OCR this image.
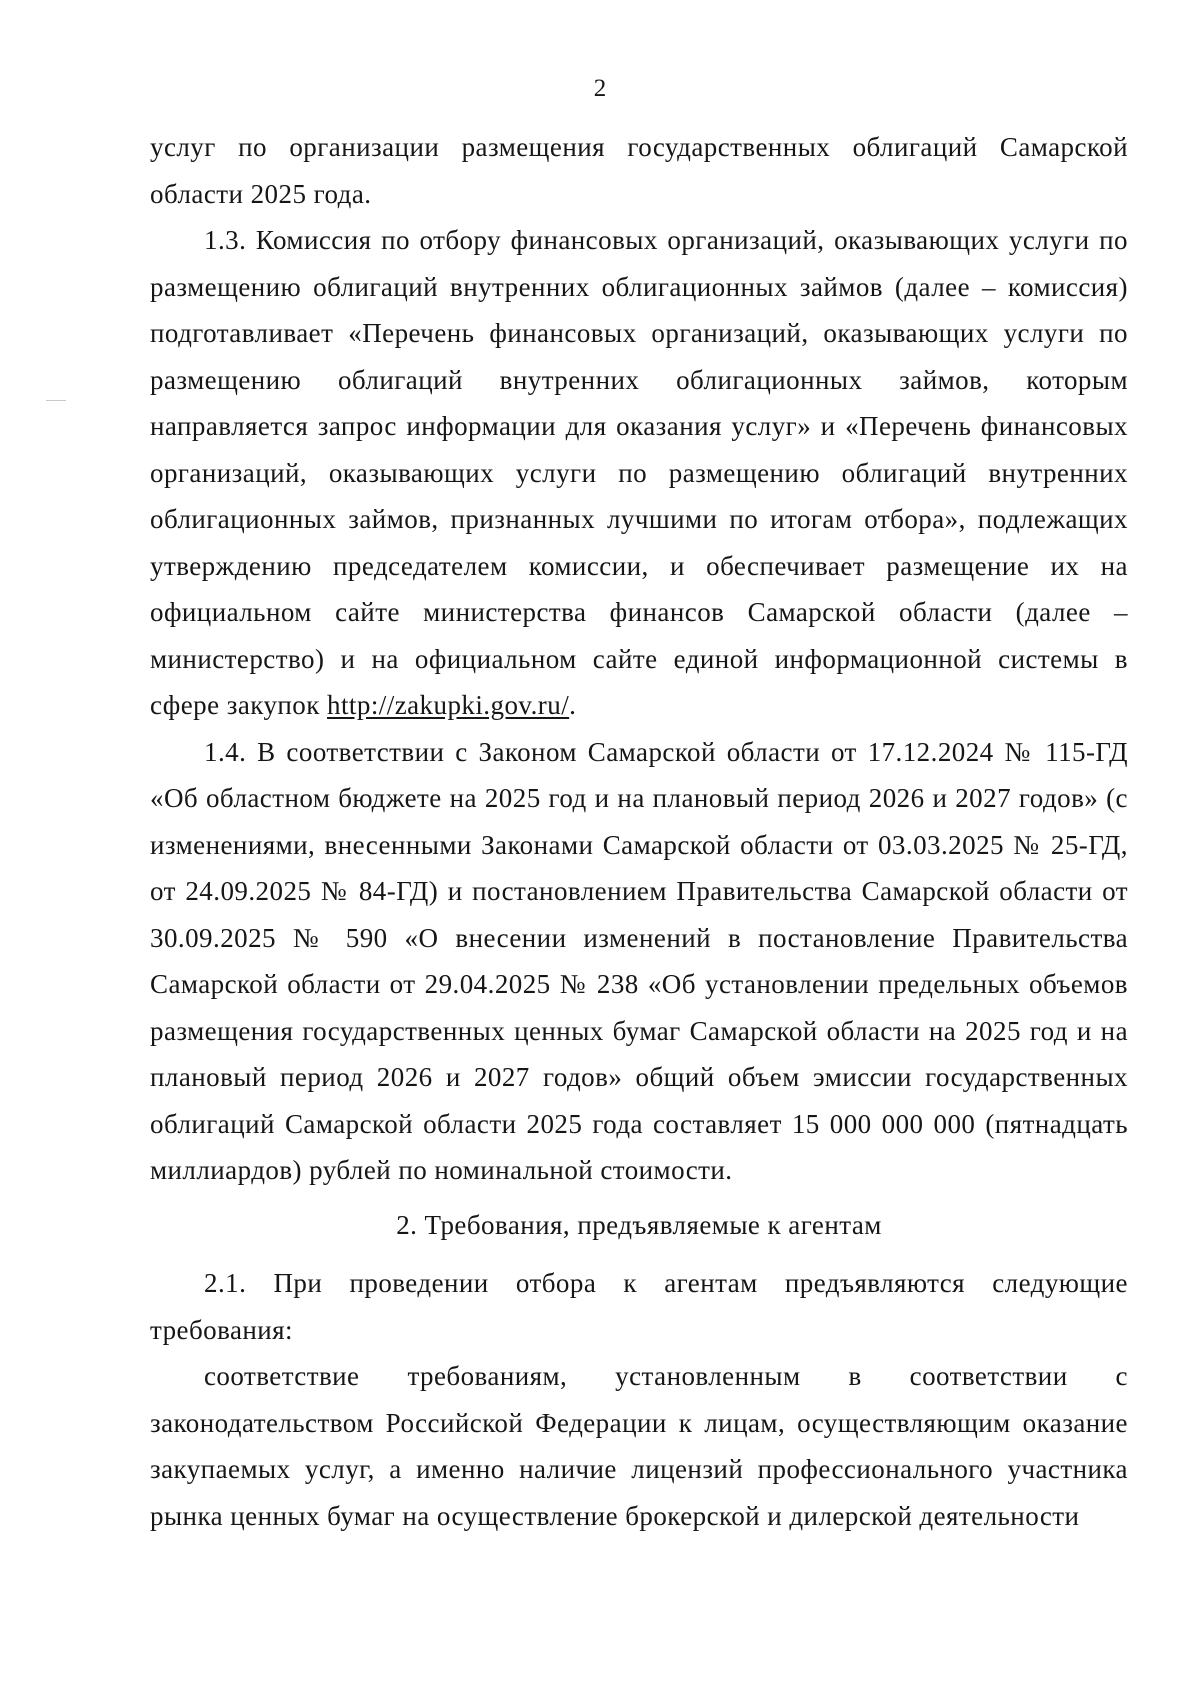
2

услуг по организации размещения государственных облигаций Самарской области 2025 года.

1.3. Комиссия по отбору финансовых организаций, оказывающих услуги по размещению облигаций внутренних облигационных займов (далее – комиссия) подготавливает «Перечень финансовых организаций, оказывающих услуги по размещению облигаций внутренних облигационных займов, которым направляется запрос информации для оказания услуг» и «Перечень финансовых организаций, оказывающих услуги по размещению облигаций внутренних облигационных займов, признанных лучшими по итогам отбора», подлежащих утверждению председателем комиссии, и обеспечивает размещение их на официальном сайте министерства финансов Самарской области (далее – министерство) и на официальном сайте единой информационной системы в сфере закупок http://zakupki.gov.ru/.

1.4. В соответствии с Законом Самарской области от 17.12.2024 № 115-ГД «Об областном бюджете на 2025 год и на плановый период 2026 и 2027 годов» (с изменениями, внесенными Законами Самарской области от 03.03.2025 № 25-ГД, от 24.09.2025 № 84-ГД) и постановлением Правительства Самарской области от 30.09.2025 № 590 «О внесении изменений в постановление Правительства Самарской области от 29.04.2025 № 238 «Об установлении предельных объемов размещения государственных ценных бумаг Самарской области на 2025 год и на плановый период 2026 и 2027 годов» общий объем эмиссии государственных облигаций Самарской области 2025 года составляет 15 000 000 000 (пятнадцать миллиардов) рублей по номинальной стоимости.

2. Требования, предъявляемые к агентам

2.1. При проведении отбора к агентам предъявляются следующие требования:

соответствие требованиям, установленным в соответствии с законодательством Российской Федерации к лицам, осуществляющим оказание закупаемых услуг, а именно наличие лицензий профессионального участника рынка ценных бумаг на осуществление брокерской и дилерской деятельности
